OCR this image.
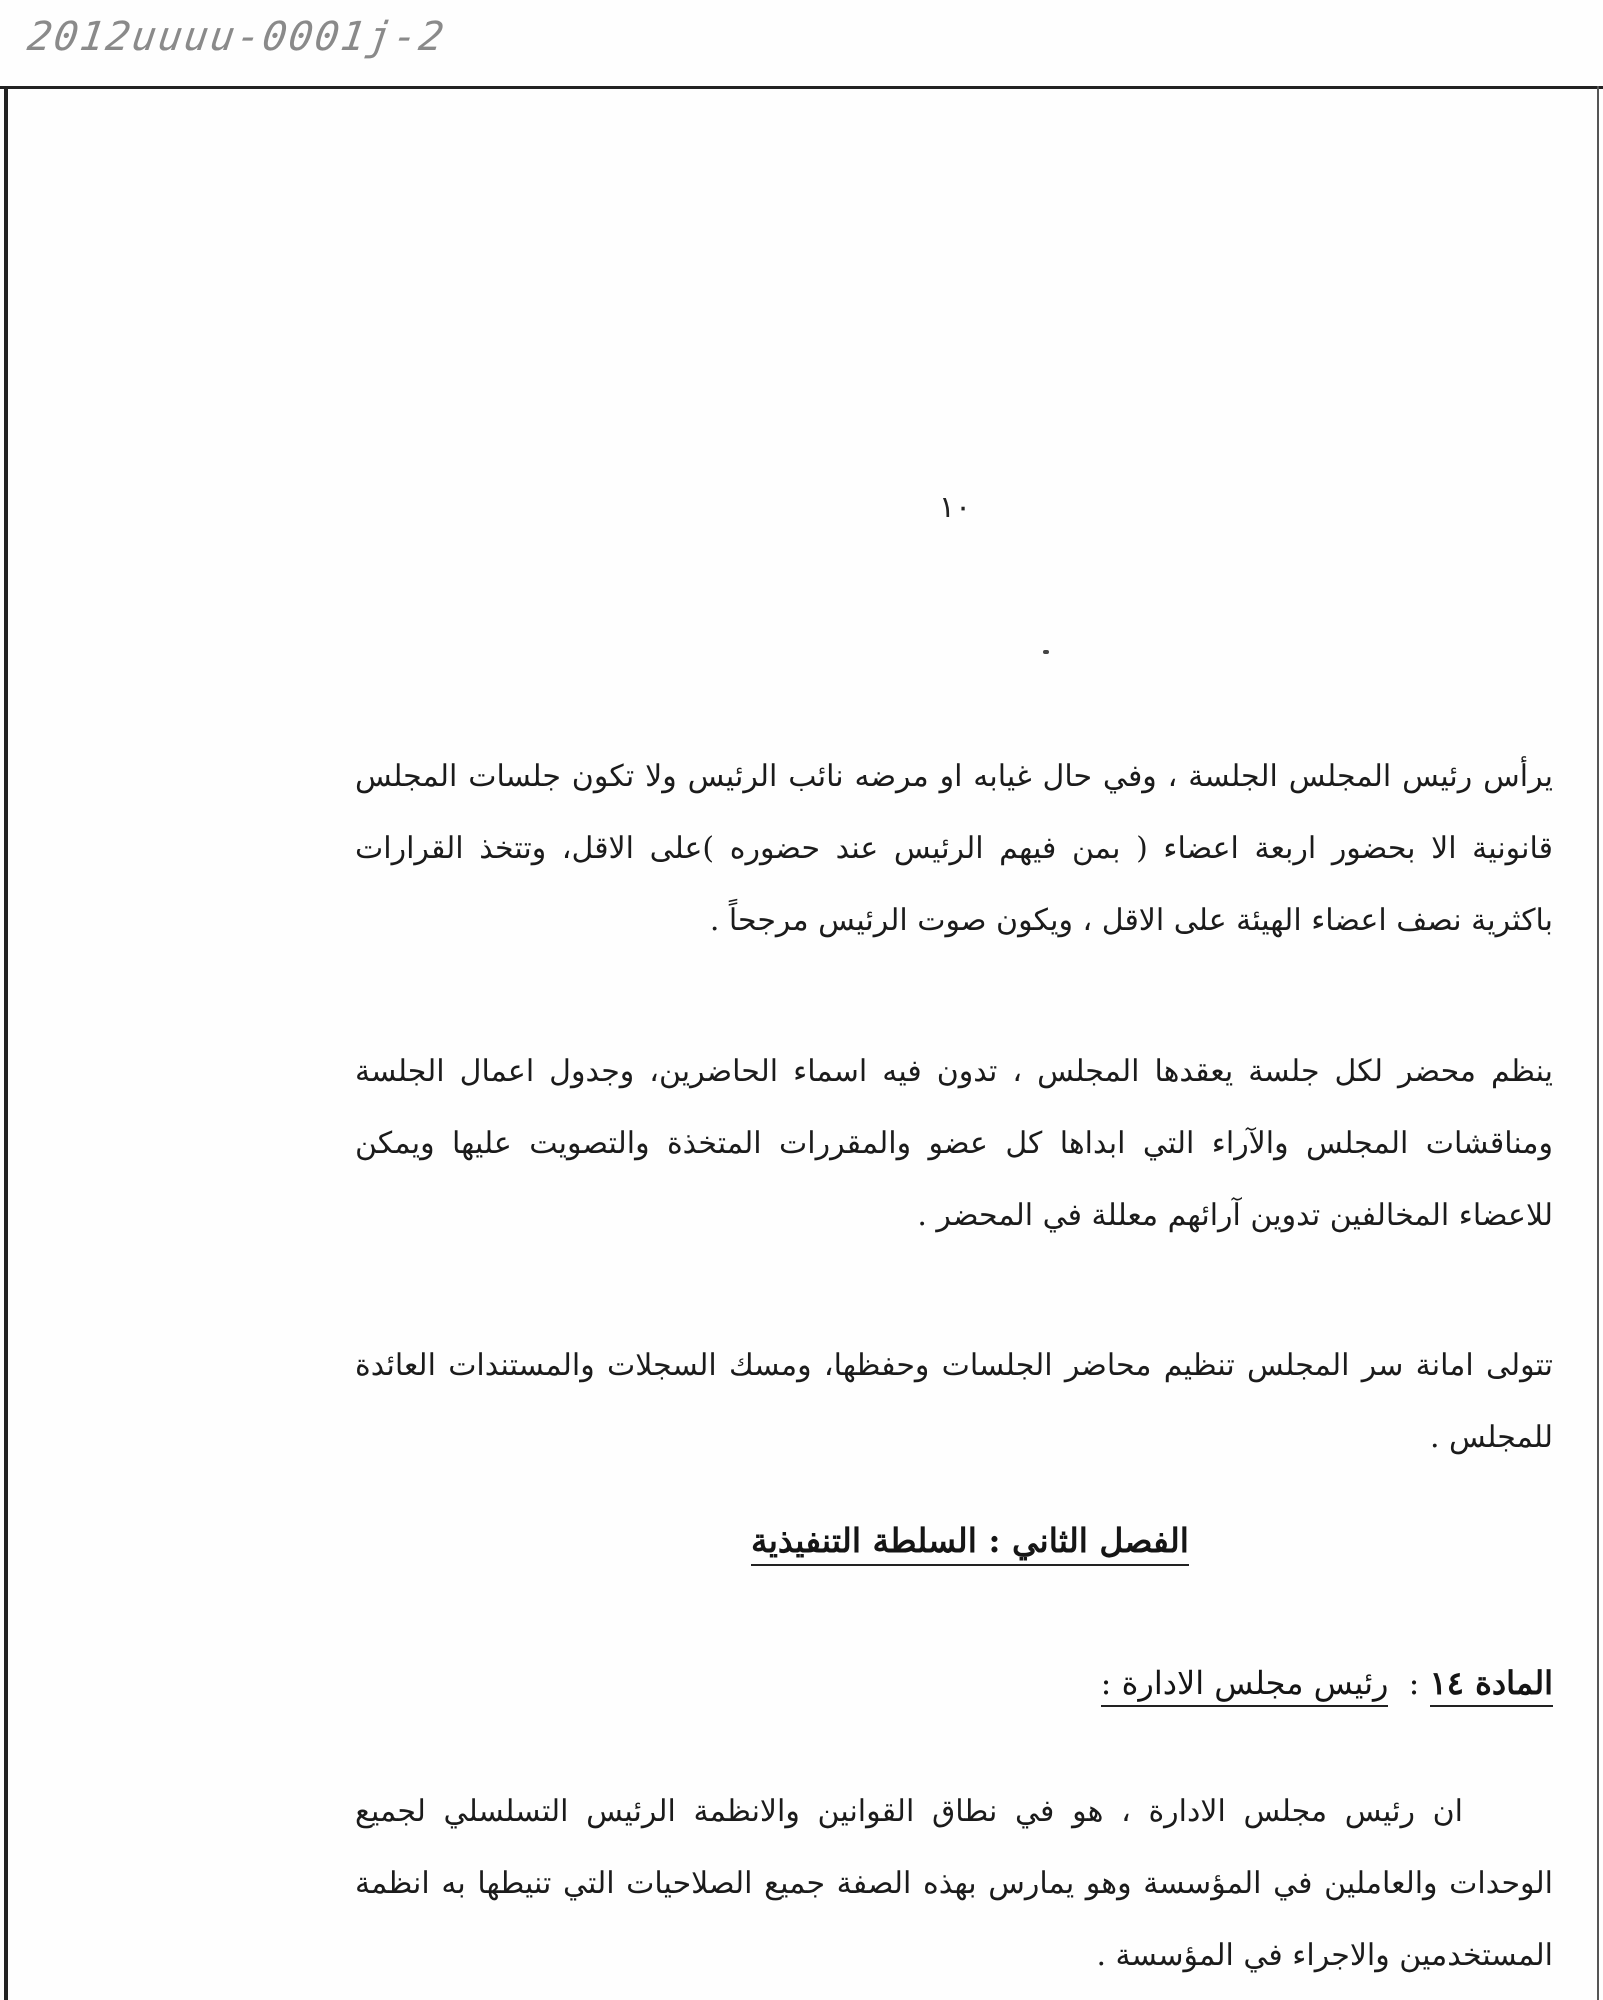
2012uuuu-0001j-2
١٠

يرأس رئيس المجلس الجلسة ، وفي حال غيابه او مرضه نائب الرئيس ولا تكون جلسات المجلس قانونية الا بحضور اربعة اعضاء ( بمن فيهم الرئيس عند حضوره )على الاقل، وتتخذ القرارات باكثرية نصف اعضاء الهيئة على الاقل ، ويكون صوت الرئيس مرجحاً .

ينظم محضر لكل جلسة يعقدها المجلس ، تدون فيه اسماء الحاضرين، وجدول اعمال الجلسة ومناقشات المجلس والآراء التي ابداها كل عضو والمقررات المتخذة والتصويت عليها ويمكن للاعضاء المخالفين تدوين آرائهم معللة في المحضر .

تتولى امانة سر المجلس تنظيم محاضر الجلسات وحفظها، ومسك السجلات والمستندات العائدة للمجلس .

الفصل الثاني : السلطة التنفيذية
المادة ١٤ : رئيس مجلس الادارة :

ان رئيس مجلس الادارة ، هو في نطاق القوانين والانظمة الرئيس التسلسلي لجميع الوحدات والعاملين في المؤسسة وهو يمارس بهذه الصفة جميع الصلاحيات التي تنيطها به انظمة المستخدمين والاجراء في المؤسسة .
